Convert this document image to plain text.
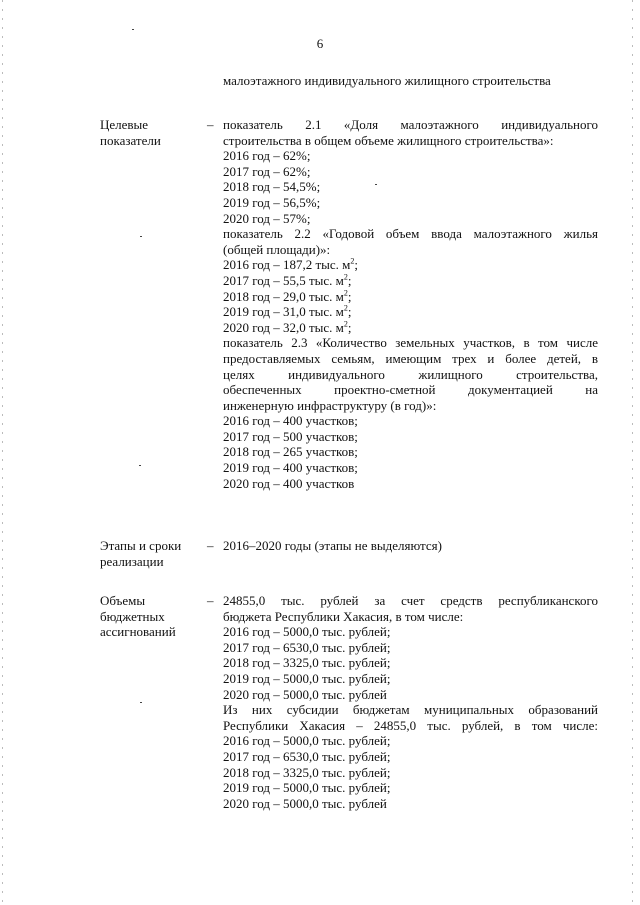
6
малоэтажного индивидуального жилищного строительства
Целевые
показатели
– показатель 2.1 «Доля малоэтажного индивидуального
строительства в общем объеме жилищного строительства»:
2016 год – 62%;
2017 год – 62%;
2018 год – 54,5%;
2019 год – 56,5%;
2020 год – 57%;
показатель 2.2 «Годовой объем ввода малоэтажного жилья
(общей площади)»:
2016 год – 187,2 тыс. $м^2$;
2017 год – 55,5 тыс. $м^2$;
2018 год – 29,0 тыс. $м^2$;
2019 год – 31,0 тыс. $м^2$;
2020 год – 32,0 тыс. $м^2$;
показатель 2.3 «Количество земельных участков, в том числе
предоставляемых семьям, имеющим трех и более детей, в
целях индивидуального жилищного строительства,
обеспеченных проектно-сметной документацией на
инженерную инфраструктуру (в год)»:
2016 год – 400 участков;
2017 год – 500 участков;
2018 год – 265 участков;
2019 год – 400 участков;
2020 год – 400 участков
Этапы и сроки
реализации
– 2016–2020 годы (этапы не выделяются)
Объемы
бюджетных
ассигнований
– 24855,0 тыс. рублей за счет средств республиканского
бюджета Республики Хакасия, в том числе:
2016 год – 5000,0 тыс. рублей;
2017 год – 6530,0 тыс. рублей;
2018 год – 3325,0 тыс. рублей;
2019 год – 5000,0 тыс. рублей;
2020 год – 5000,0 тыс. рублей
Из них субсидии бюджетам муниципальных образований
Республики Хакасия – 24855,0 тыс. рублей, в том числе:
2016 год – 5000,0 тыс. рублей;
2017 год – 6530,0 тыс. рублей;
2018 год – 3325,0 тыс. рублей;
2019 год – 5000,0 тыс. рублей;
2020 год – 5000,0 тыс. рублей
